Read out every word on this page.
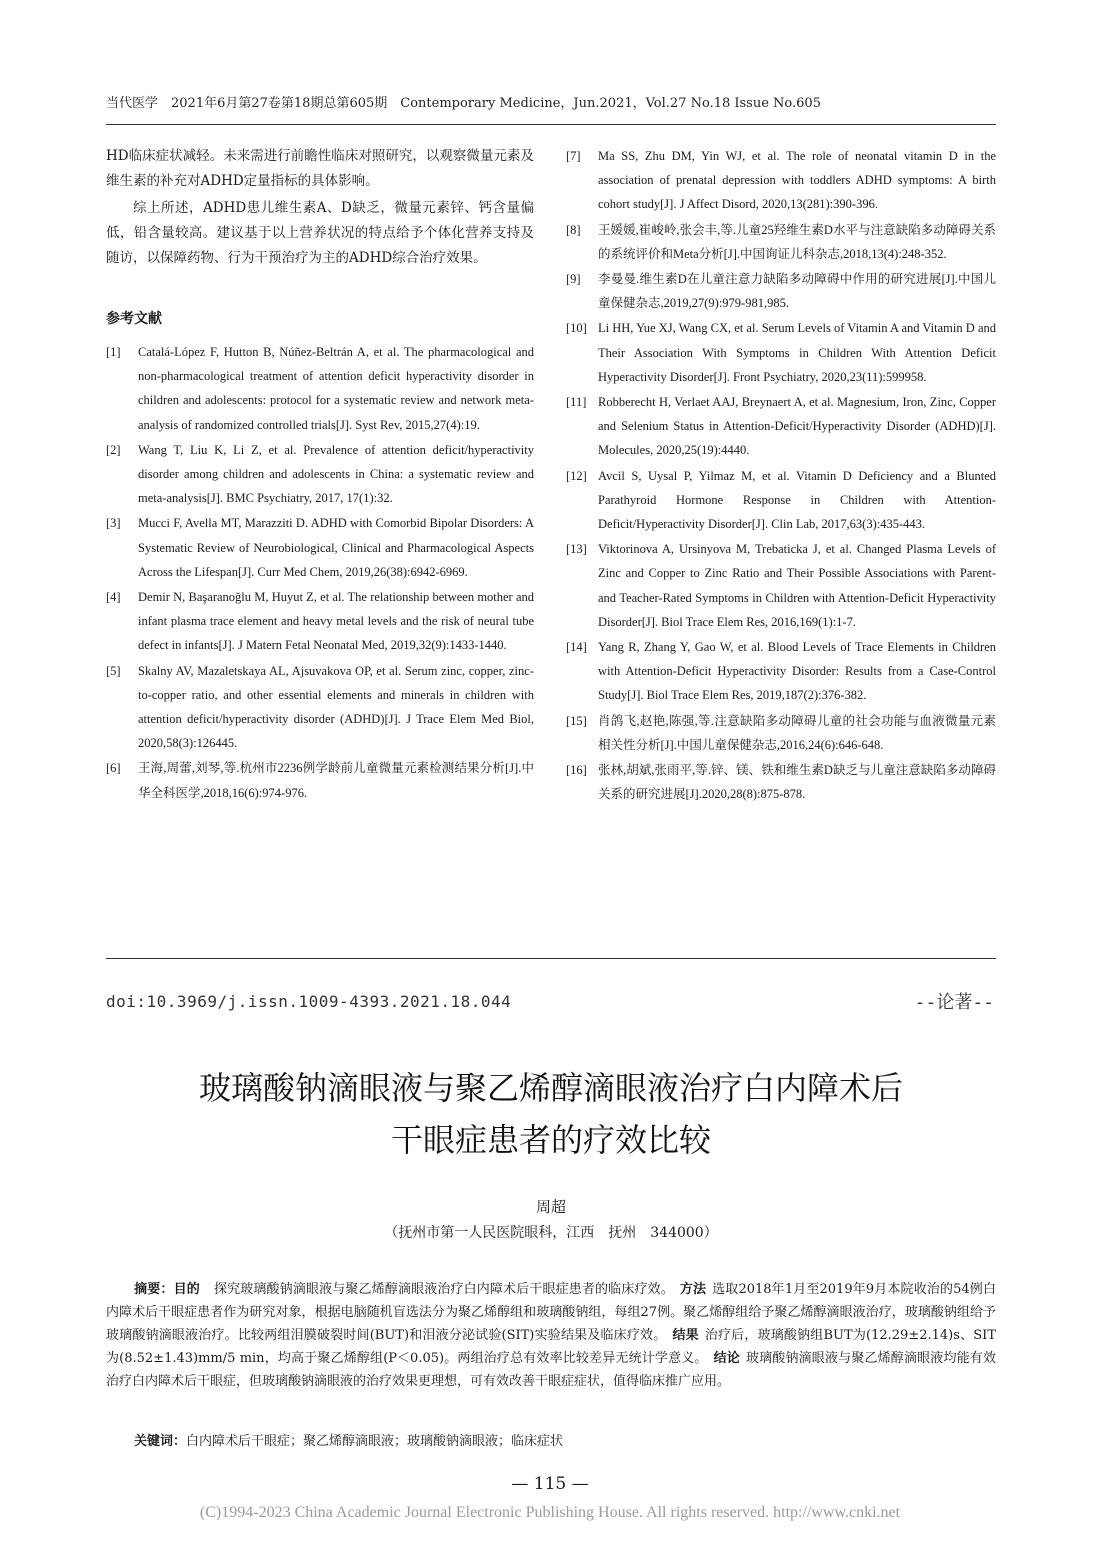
当代医学　2021年6月第27卷第18期总第605期　Contemporary Medicine，Jun.2021，Vol.27 No.18 Issue No.605

HD临床症状减轻。未来需进行前瞻性临床对照研究，以观察微量元素及维生素的补充对ADHD定量指标的具体影响。

综上所述，ADHD患儿维生素A、D缺乏，微量元素锌、钙含量偏低，铅含量较高。建议基于以上营养状况的特点给予个体化营养支持及随访，以保障药物、行为干预治疗为主的ADHD综合治疗效果。

参考文献
[1]	Catalá-López F, Hutton B, Núñez-Beltrán A, et al. The pharmacological and non-pharmacological treatment of attention deficit hyperactivity disorder in children and adolescents: protocol for a systematic review and network meta-analysis of randomized controlled trials[J]. Syst Rev, 2015,27(4):19.
[2]	Wang T, Liu K, Li Z, et al. Prevalence of attention deficit/hyperactivity disorder among children and adolescents in China: a systematic review and meta-analysis[J]. BMC Psychiatry, 2017, 17(1):32.
[3]	Mucci F, Avella MT, Marazziti D. ADHD with Comorbid Bipolar Disorders: A Systematic Review of Neurobiological, Clinical and Pharmacological Aspects Across the Lifespan[J]. Curr Med Chem, 2019,26(38):6942-6969.
[4]	Demir N, Başaranoğlu M, Huyut Z, et al. The relationship between mother and infant plasma trace element and heavy metal levels and the risk of neural tube defect in infants[J]. J Matern Fetal Neonatal Med, 2019,32(9):1433-1440.
[5]	Skalny AV, Mazaletskaya AL, Ajsuvakova OP, et al. Serum zinc, copper, zinc-to-copper ratio, and other essential elements and minerals in children with attention deficit/hyperactivity disorder (ADHD)[J]. J Trace Elem Med Biol, 2020,58(3):126445.
[6]	王海,周蕾,刘琴,等.杭州市2236例学龄前儿童微量元素检测结果分析[J].中华全科医学,2018,16(6):974-976.
[7]	Ma SS, Zhu DM, Yin WJ, et al. The role of neonatal vitamin D in the association of prenatal depression with toddlers ADHD symptoms: A birth cohort study[J]. J Affect Disord, 2020,13(281):390-396.
[8]	王媛媛,崔峻岭,张会丰,等.儿童25羟维生素D水平与注意缺陷多动障碍关系的系统评价和Meta分析[J].中国询证儿科杂志,2018,13(4):248-352.
[9]	李曼曼.维生素D在儿童注意力缺陷多动障碍中作用的研究进展[J].中国儿童保健杂志,2019,27(9):979-981,985.
[10] Li HH, Yue XJ, Wang CX, et al. Serum Levels of Vitamin A and Vitamin D and Their Association With Symptoms in Children With Attention Deficit Hyperactivity Disorder[J]. Front Psychiatry, 2020,23(11):599958.
[11] Robberecht H, Verlaet AAJ, Breynaert A, et al. Magnesium, Iron, Zinc, Copper and Selenium Status in Attention-Deficit/Hyperactivity Disorder (ADHD)[J]. Molecules, 2020,25(19):4440.
[12] Avcil S, Uysal P, Yilmaz M, et al. Vitamin D Deficiency and a Blunted Parathyroid Hormone Response in Children with Attention-Deficit/Hyperactivity Disorder[J]. Clin Lab, 2017,63(3):435-443.
[13] Viktorinova A, Ursinyova M, Trebaticka J, et al. Changed Plasma Levels of Zinc and Copper to Zinc Ratio and Their Possible Associations with Parent- and Teacher-Rated Symptoms in Children with Attention-Deficit Hyperactivity Disorder[J]. Biol Trace Elem Res, 2016,169(1):1-7.
[14] Yang R, Zhang Y, Gao W, et al. Blood Levels of Trace Elements in Children with Attention-Deficit Hyperactivity Disorder: Results from a Case-Control Study[J]. Biol Trace Elem Res, 2019,187(2):376-382.
[15] 肖鸽飞,赵艳,陈强,等.注意缺陷多动障碍儿童的社会功能与血液微量元素相关性分析[J].中国儿童保健杂志,2016,24(6):646-648.
[16] 张林,胡斌,张雨平,等.锌、镁、铁和维生素D缺乏与儿童注意缺陷多动障碍关系的研究进展[J].2020,28(8):875-878.
doi:10.3969/j.issn.1009-4393.2021.18.044	--论著--
玻璃酸钠滴眼液与聚乙烯醇滴眼液治疗白内障术后
干眼症患者的疗效比较
周超
（抚州市第一人民医院眼科，江西　抚州　344000）
摘要：目的 探究玻璃酸钠滴眼液与聚乙烯醇滴眼液治疗白内障术后干眼症患者的临床疗效。 方法 选取2018年1月至2019年9月本院收治的54例白内障术后干眼症患者作为研究对象，根据电脑随机盲选法分为聚乙烯醇组和玻璃酸钠组，每组27例。聚乙烯醇组给予聚乙烯醇滴眼液治疗，玻璃酸钠组给予玻璃酸钠滴眼液治疗。比较两组泪膜破裂时间(BUT)和泪液分泌试验(SIT)实验结果及临床疗效。 结果 治疗后，玻璃酸钠组BUT为(12.29±2.14)s、SIT为(8.52±1.43)mm/5 min，均高于聚乙烯醇组(P＜0.05)。两组治疗总有效率比较差异无统计学意义。 结论 玻璃酸钠滴眼液与聚乙烯醇滴眼液均能有效治疗白内障术后干眼症，但玻璃酸钠滴眼液的治疗效果更理想，可有效改善干眼症症状，值得临床推广应用。
关键词：白内障术后干眼症；聚乙烯醇滴眼液；玻璃酸钠滴眼液；临床症状
— 115 —
(C)1994-2023 China Academic Journal Electronic Publishing House. All rights reserved. http://www.cnki.net
